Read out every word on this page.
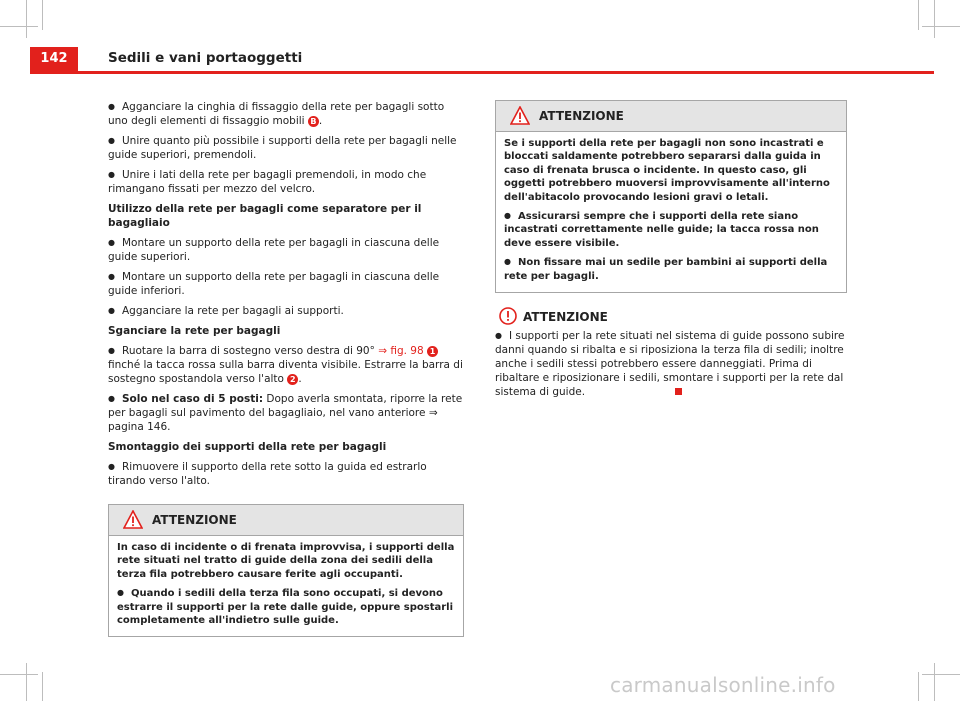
142	Sedili e vani portaoggetti

● Agganciare la cinghia di fissaggio della rete per bagagli sotto uno degli elementi di fissaggio mobili B .

● Unire quanto più possibile i supporti della rete per bagagli nelle guide superiori, premendoli.

● Unire i lati della rete per bagagli premendoli, in modo che rimangano fissati per mezzo del velcro.

Utilizzo della rete per bagagli come separatore per il bagagliaio

● Montare un supporto della rete per bagagli in ciascuna delle guide superiori.

● Montare un supporto della rete per bagagli in ciascuna delle guide inferiori.

● Agganciare la rete per bagagli ai supporti.

Sganciare la rete per bagagli

● Ruotare la barra di sostegno verso destra di 90° ⇒ fig. 98 1 finché la tacca rossa sulla barra diventa visibile. Estrarre la barra di sostegno spostandola verso l'alto 2 .

● Solo nel caso di 5 posti: Dopo averla smontata, riporre la rete per bagagli sul pavimento del bagagliaio, nel vano anteriore ⇒ pagina 146.

Smontaggio dei supporti della rete per bagagli

● Rimuovere il supporto della rete sotto la guida ed estrarlo tirando verso l'alto.

ATTENZIONE

In caso di incidente o di frenata improvvisa, i supporti della rete situati nel tratto di guide della zona dei sedili della terza fila potrebbero causare ferite agli occupanti.

● Quando i sedili della terza fila sono occupati, si devono estrarre il supporti per la rete dalle guide, oppure spostarli completamente all'indietro sulle guide.

ATTENZIONE

Se i supporti della rete per bagagli non sono incastrati e bloccati saldamente potrebbero separarsi dalla guida in caso di frenata brusca o incidente. In questo caso, gli oggetti potrebbero muoversi improvvisamente all'interno dell'abitacolo provocando lesioni gravi o letali.

● Assicurarsi sempre che i supporti della rete siano incastrati correttamente nelle guide; la tacca rossa non deve essere visibile.

● Non fissare mai un sedile per bambini ai supporti della rete per bagagli.

ATTENZIONE

● I supporti per la rete situati nel sistema di guide possono subire danni quando si ribalta e si riposiziona la terza fila di sedili; inoltre anche i sedili stessi potrebbero essere danneggiati. Prima di ribaltare e riposizionare i sedili, smontare i supporti per la rete dal sistema di guide.

carmanualsonline.info
